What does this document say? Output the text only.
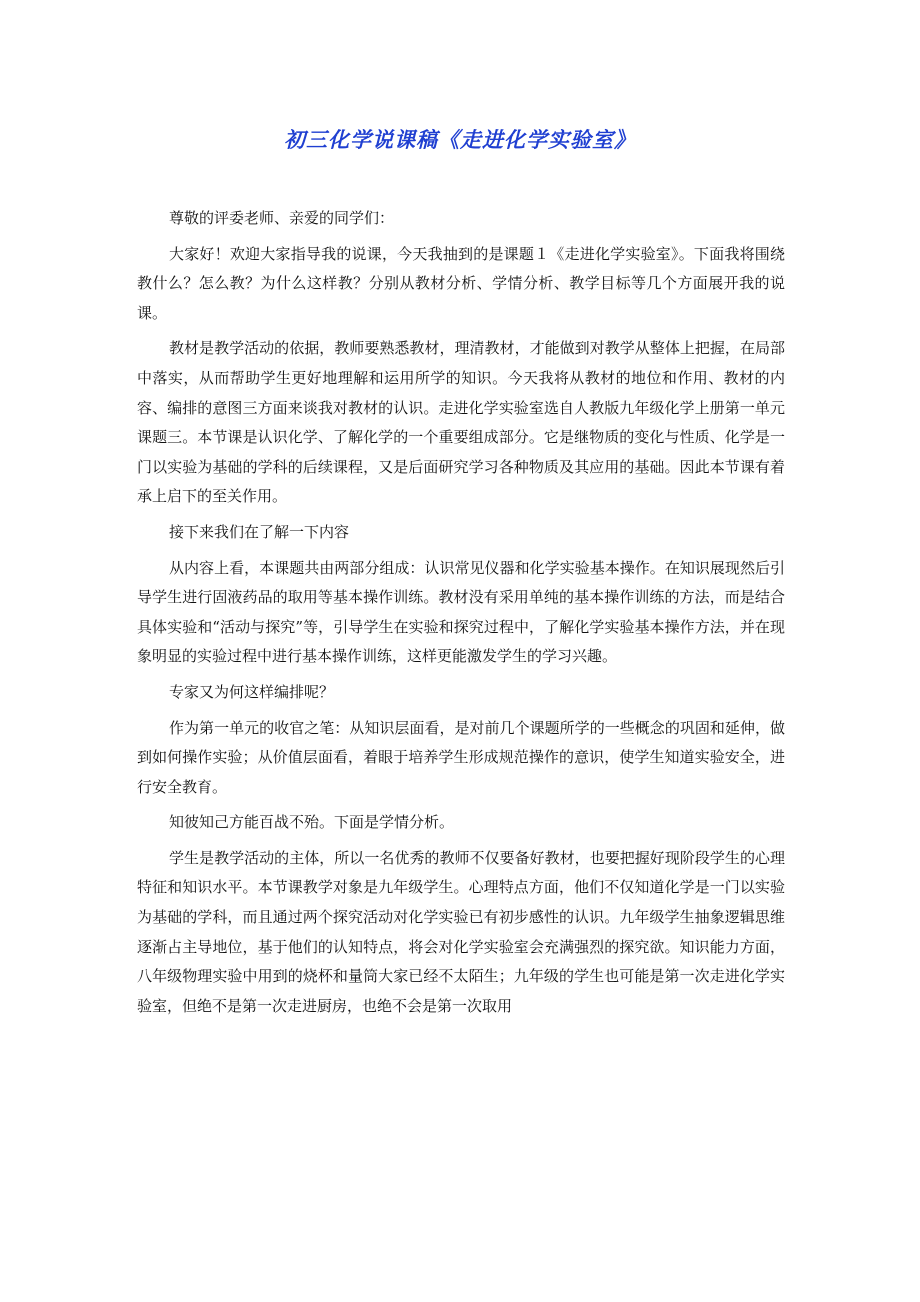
初三化学说课稿《走进化学实验室》

尊敬的评委老师、亲爱的同学们：

大家好！欢迎大家指导我的说课，今天我抽到的是课题１《走进化学实验室》。下面我将围绕教什么？怎么教？为什么这样教？分别从教材分析、学情分析、教学目标等几个方面展开我的说课。

教材是教学活动的依据，教师要熟悉教材，理清教材，才能做到对教学从整体上把握，在局部中落实，从而帮助学生更好地理解和运用所学的知识。今天我将从教材的地位和作用、教材的内容、编排的意图三方面来谈我对教材的认识。走进化学实验室选自人教版九年级化学上册第一单元课题三。本节课是认识化学、了解化学的一个重要组成部分。它是继物质的变化与性质、化学是一门以实验为基础的学科的后续课程，又是后面研究学习各种物质及其应用的基础。因此本节课有着承上启下的至关作用。

接下来我们在了解一下内容

从内容上看，本课题共由两部分组成：认识常见仪器和化学实验基本操作。在知识展现然后引导学生进行固液药品的取用等基本操作训练。教材没有采用单纯的基本操作训练的方法，而是结合具体实验和“活动与探究”等，引导学生在实验和探究过程中，了解化学实验基本操作方法，并在现象明显的实验过程中进行基本操作训练，这样更能激发学生的学习兴趣。

专家又为何这样编排呢？

作为第一单元的收官之笔：从知识层面看，是对前几个课题所学的一些概念的巩固和延伸，做到如何操作实验；从价值层面看，着眼于培养学生形成规范操作的意识，使学生知道实验安全，进行安全教育。

知彼知己方能百战不殆。下面是学情分析。

学生是教学活动的主体，所以一名优秀的教师不仅要备好教材，也要把握好现阶段学生的心理特征和知识水平。本节课教学对象是九年级学生。心理特点方面，他们不仅知道化学是一门以实验为基础的学科，而且通过两个探究活动对化学实验已有初步感性的认识。九年级学生抽象逻辑思维逐渐占主导地位，基于他们的认知特点，将会对化学实验室会充满强烈的探究欲。知识能力方面，八年级物理实验中用到的烧杯和量筒大家已经不太陌生；九年级的学生也可能是第一次走进化学实验室，但绝不是第一次走进厨房，也绝不会是第一次取用
